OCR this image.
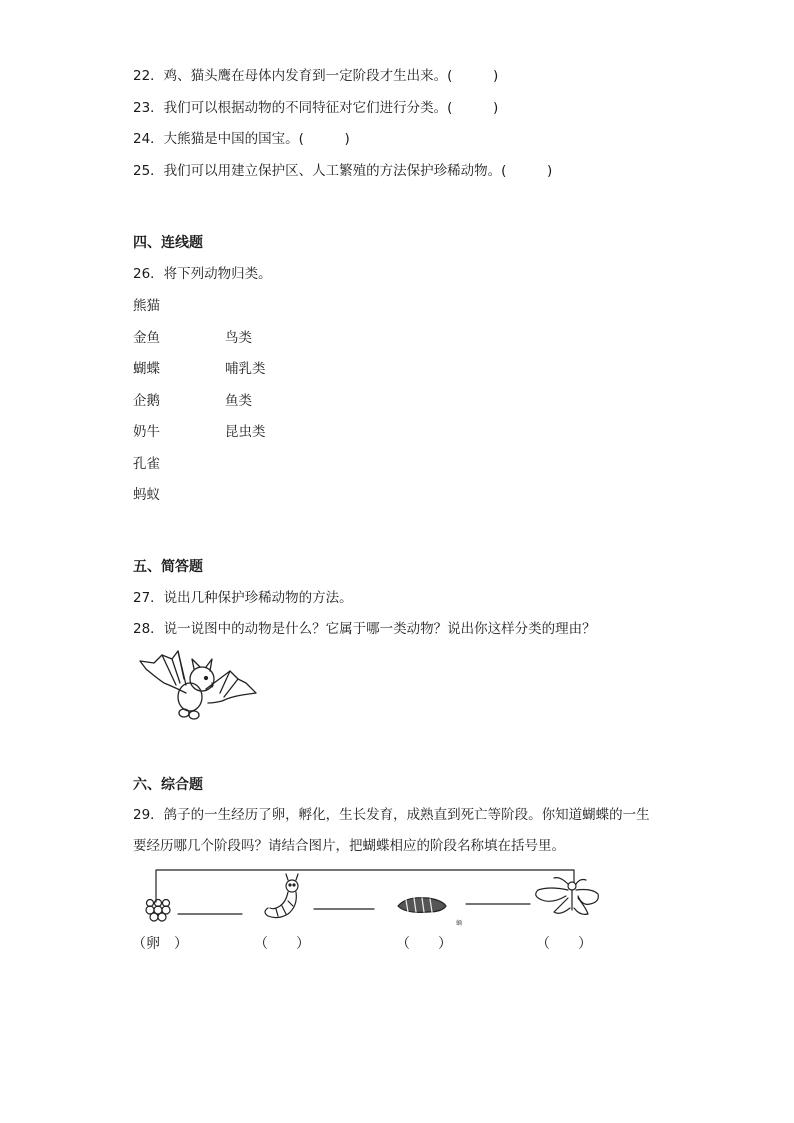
22．鸡、猫头鹰在母体内发育到一定阶段才生出来。(　　　)
23．我们可以根据动物的不同特征对它们进行分类。(　　　)
24．大熊猫是中国的国宝。(　　　)
25．我们可以用建立保护区、人工繁殖的方法保护珍稀动物。(　　　)
四、连线题
26．将下列动物归类。
熊猫
金鱼
蝴蝶
企鹅
奶牛
孔雀
蚂蚁
鸟类
哺乳类
鱼类
昆虫类
五、简答题
27．说出几种保护珍稀动物的方法。
28．说一说图中的动物是什么？它属于哪一类动物？说出你这样分类的理由？
六、综合题
29．鸽子的一生经历了卵，孵化，生长发育，成熟直到死亡等阶段。你知道蝴蝶的一生
要经历哪几个阶段吗？请结合图片，把蝴蝶相应的阶段名称填在括号里。
蛹
（卵　）	（　　）	（　　）	（　　）
